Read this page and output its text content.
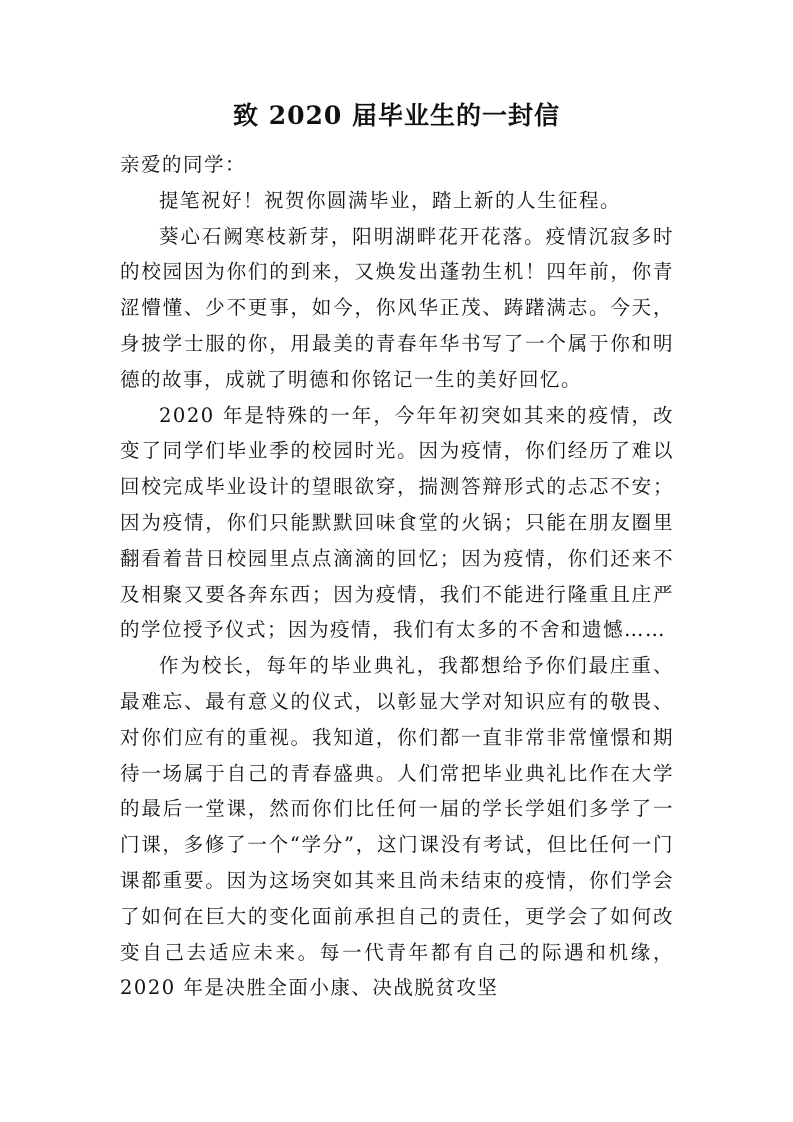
致 2020 届毕业生的一封信

亲爱的同学：

提笔祝好！祝贺你圆满毕业，踏上新的人生征程。

葵心石阙寒枝新芽，阳明湖畔花开花落。疫情沉寂多时的校园因为你们的到来，又焕发出蓬勃生机！四年前，你青涩懵懂、少不更事，如今，你风华正茂、踌躇满志。今天，身披学士服的你，用最美的青春年华书写了一个属于你和明德的故事，成就了明德和你铭记一生的美好回忆。

2020 年是特殊的一年，今年年初突如其来的疫情，改变了同学们毕业季的校园时光。因为疫情，你们经历了难以回校完成毕业设计的望眼欲穿，揣测答辩形式的忐忑不安；因为疫情，你们只能默默回味食堂的火锅；只能在朋友圈里翻看着昔日校园里点点滴滴的回忆；因为疫情，你们还来不及相聚又要各奔东西；因为疫情，我们不能进行隆重且庄严的学位授予仪式；因为疫情，我们有太多的不舍和遗憾……

作为校长，每年的毕业典礼，我都想给予你们最庄重、最难忘、最有意义的仪式，以彰显大学对知识应有的敬畏、对你们应有的重视。我知道，你们都一直非常非常憧憬和期待一场属于自己的青春盛典。人们常把毕业典礼比作在大学的最后一堂课，然而你们比任何一届的学长学姐们多学了一门课，多修了一个“学分”，这门课没有考试，但比任何一门课都重要。因为这场突如其来且尚未结束的疫情，你们学会了如何在巨大的变化面前承担自己的责任，更学会了如何改变自己去适应未来。每一代青年都有自己的际遇和机缘，2020 年是决胜全面小康、决战脱贫攻坚
